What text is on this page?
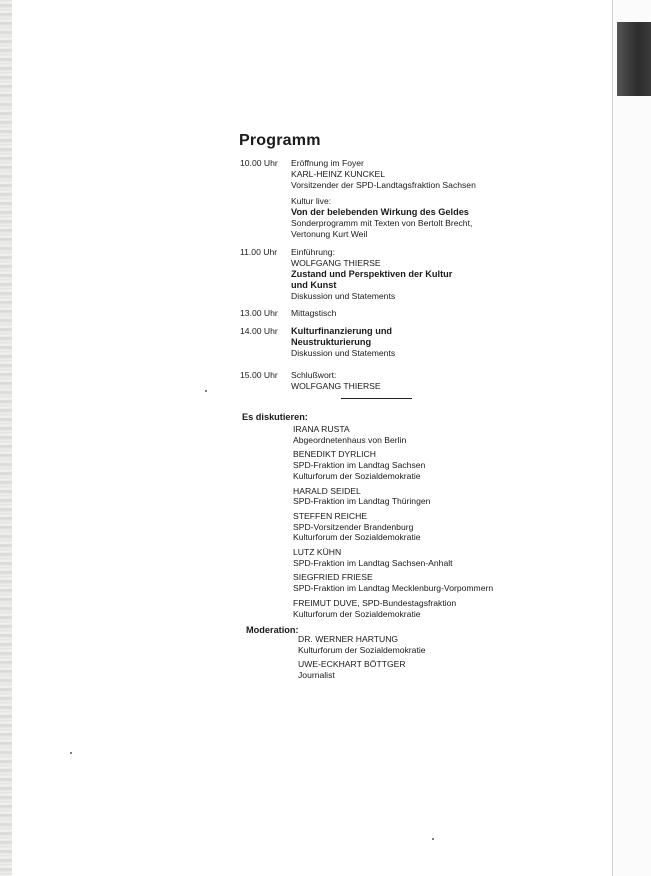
Programm
10.00 Uhr	Eröffnung im Foyer
KARL-HEINZ KUNCKEL
Vorsitzender der SPD-Landtagsfraktion Sachsen
Kultur live:
Von der belebenden Wirkung des Geldes
Sonderprogramm mit Texten von Bertolt Brecht,
Vertonung Kurt Weil
11.00 Uhr	Einführung:
WOLFGANG THIERSE
Zustand und Perspektiven der Kultur
und Kunst
Diskussion und Statements
13.00 Uhr	Mittagstisch
14.00 Uhr	Kulturfinanzierung und
Neustrukturierung
Diskussion und Statements
15.00 Uhr	Schlußwort:
WOLFGANG THIERSE
Es diskutieren:
IRANA RUSTA
Abgeordnetenhaus von Berlin
BENEDIKT DYRLICH
SPD-Fraktion im Landtag Sachsen
Kulturforum der Sozialdemokratie
HARALD SEIDEL
SPD-Fraktion im Landtag Thüringen
STEFFEN REICHE
SPD-Vorsitzender Brandenburg
Kulturforum der Sozialdemokratie
LUTZ KÜHN
SPD-Fraktion im Landtag Sachsen-Anhalt
SIEGFRIED FRIESE
SPD-Fraktion im Landtag Mecklenburg-Vorpommern
FREIMUT DUVE, SPD-Bundestagsfraktion
Kulturforum der Sozialdemokratie
Moderation:
DR. WERNER HARTUNG
Kulturforum der Sozialdemokratie
UWE-ECKHART BÖTTGER
Journalist
